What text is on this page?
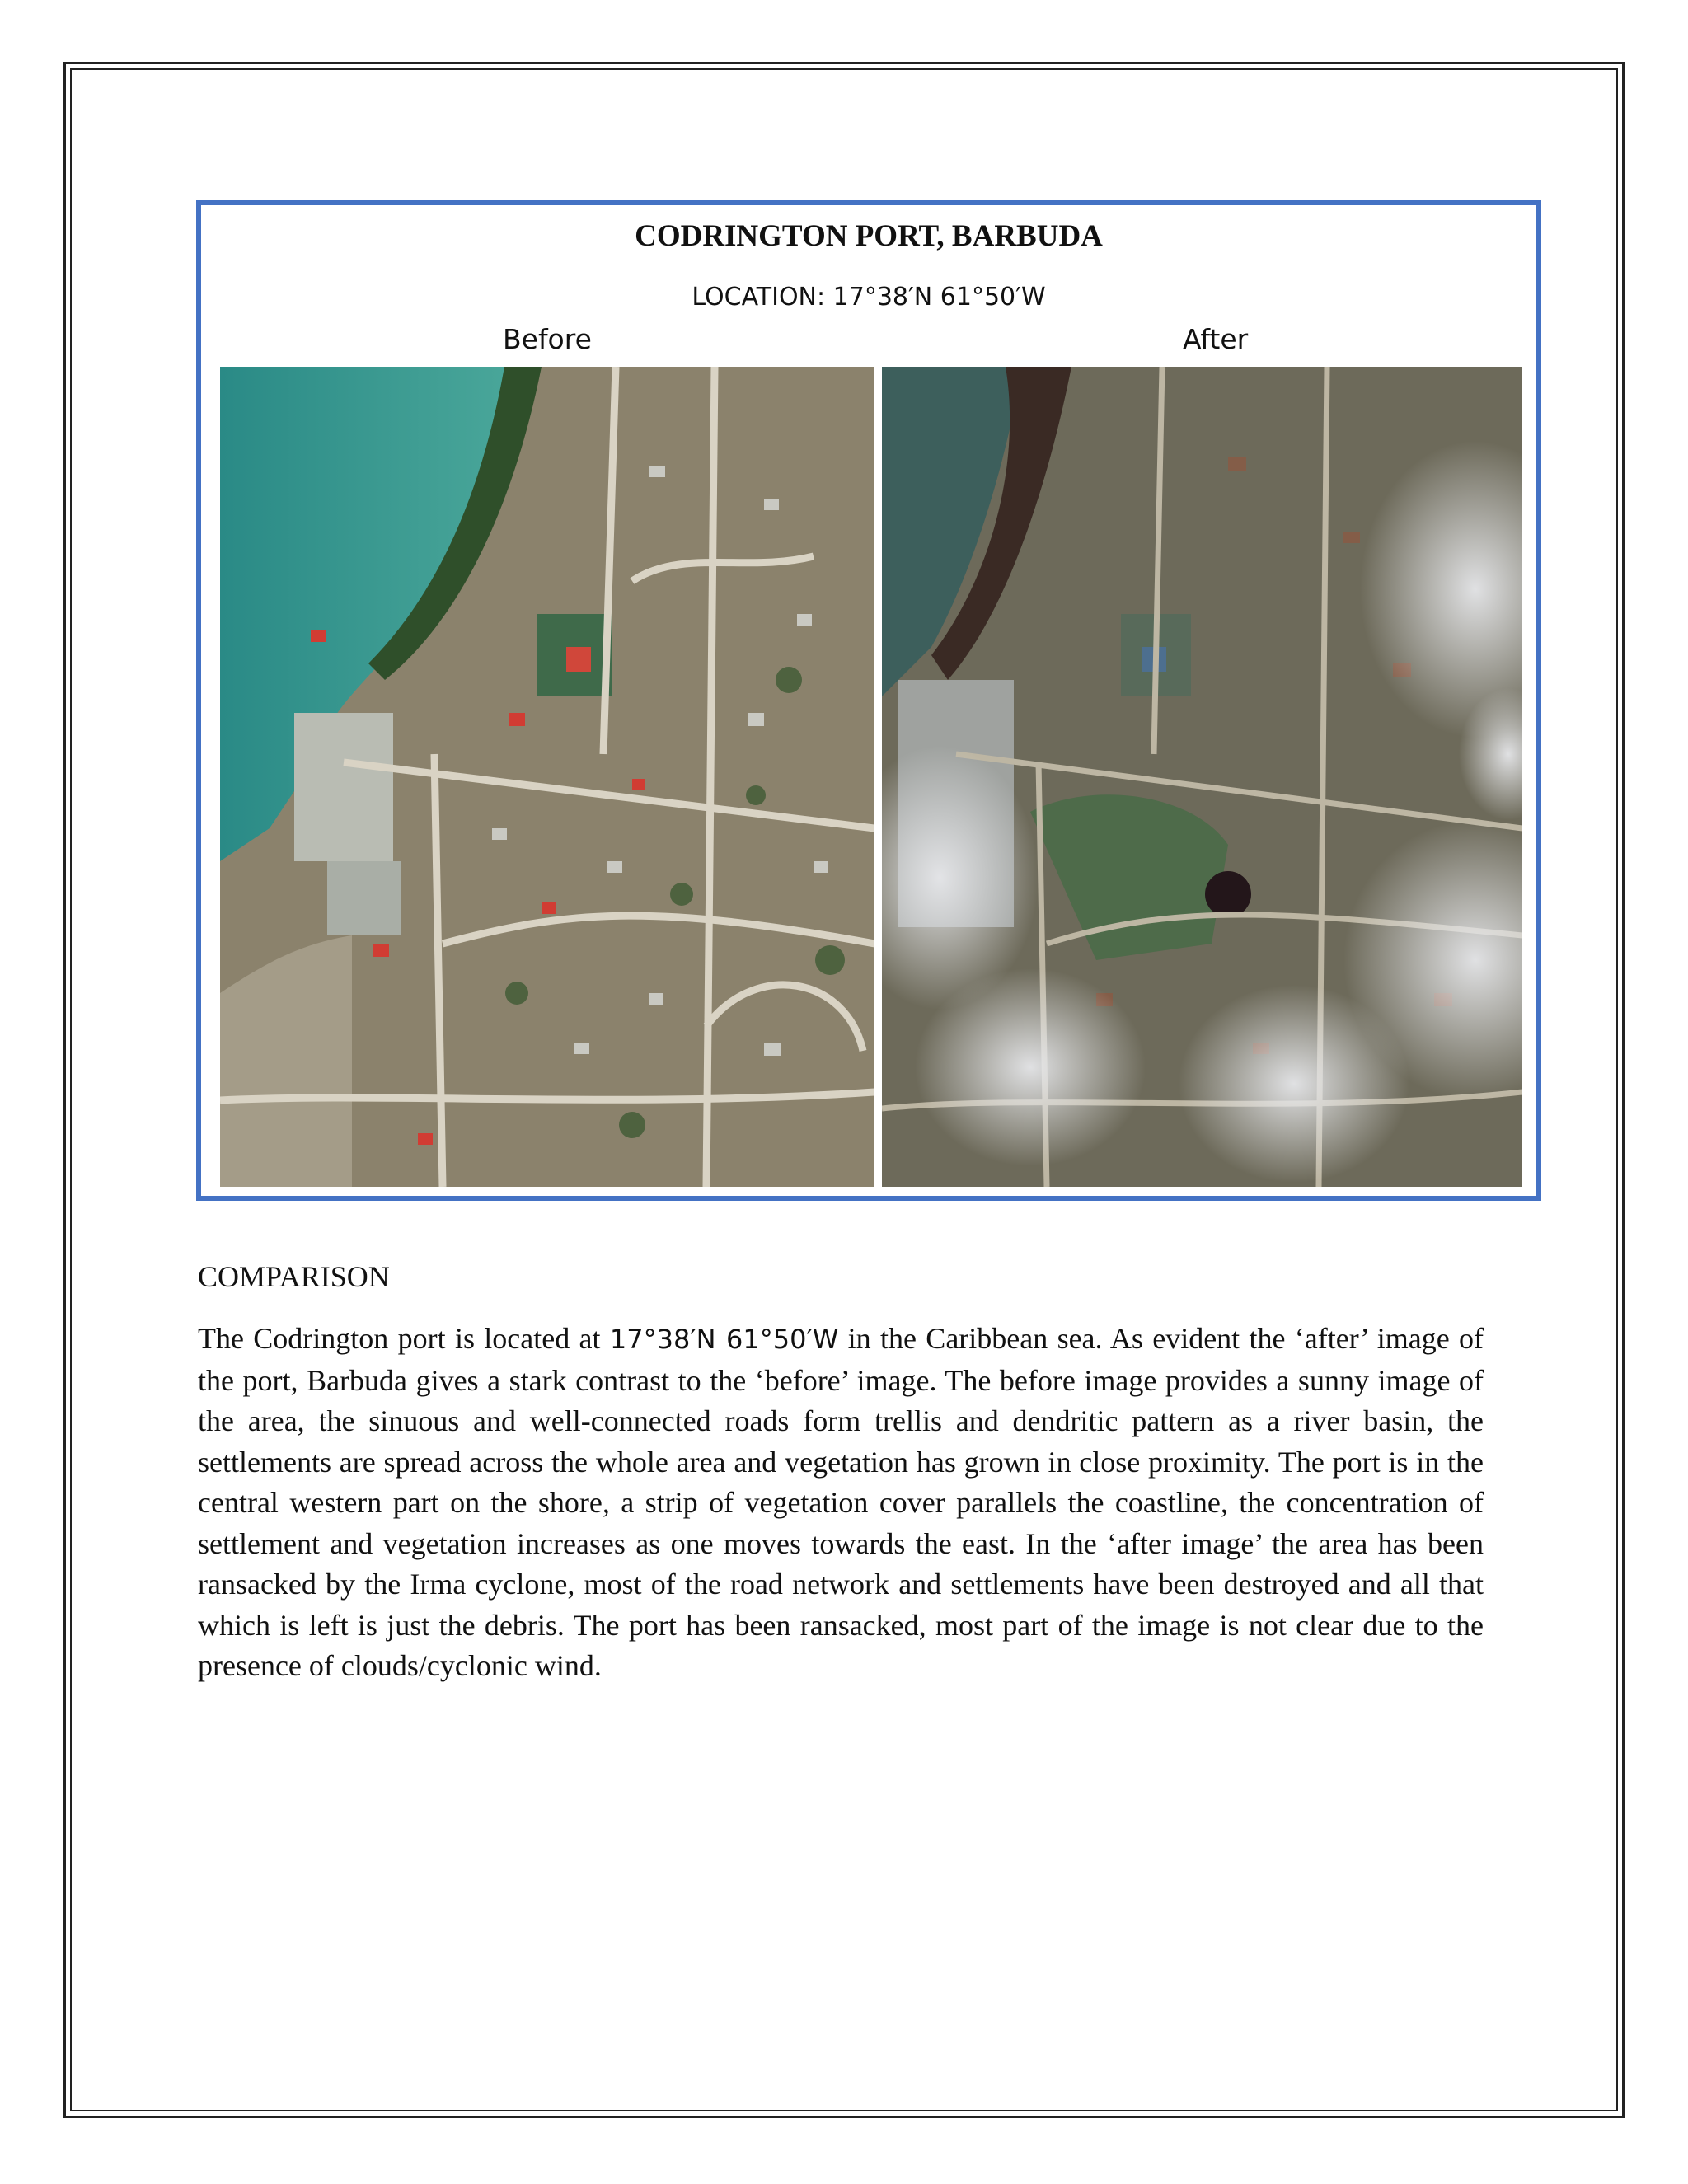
CODRINGTON PORT, BARBUDA
LOCATION: 17°38′N 61°50′W
Before	After
COMPARISON

The Codrington port is located at 17°38′N 61°50′W in the Caribbean sea. As evident the ‘after’ image of the port, Barbuda gives a stark contrast to the ‘before’ image. The before image provides a sunny image of the area, the sinuous and well-connected roads form trellis and dendritic pattern as a river basin, the settlements are spread across the whole area and vegetation has grown in close proximity. The port is in the central western part on the shore, a strip of vegetation cover parallels the coastline, the concentration of settlement and vegetation increases as one moves towards the east. In the ‘after image’ the area has been ransacked by the Irma cyclone, most of the road network and settlements have been destroyed and all that which is left is just the debris. The port has been ransacked, most part of the image is not clear due to the presence of clouds/cyclonic wind.
